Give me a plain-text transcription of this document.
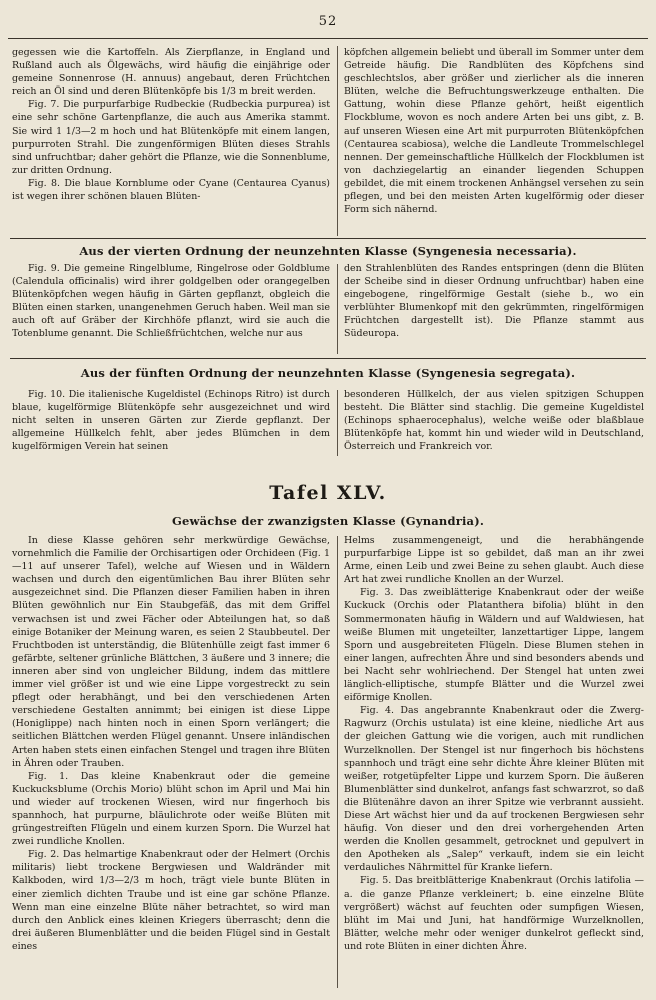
52

gegessen wie die Kartoffeln. Als Zierpflanze, in England und Rußland auch als Ölgewächs, wird häufig die einjährige oder gemeine Sonnenrose (H. annuus) angebaut, deren Früchtchen reich an Öl sind und deren Blütenköpfe bis 1/3 m breit werden.

Fig. 7. Die purpurfarbige Rudbeckie (Rudbeckia purpurea) ist eine sehr schöne Gartenpflanze, die auch aus Amerika stammt. Sie wird 1 1/3—2 m hoch und hat Blütenköpfe mit einem langen, purpurroten Strahl. Die zungenförmigen Blüten dieses Strahls sind unfruchtbar; daher gehört die Pflanze, wie die Sonnenblume, zur dritten Ordnung.

Fig. 8. Die blaue Kornblume oder Cyane (Centaurea Cyanus) ist wegen ihrer schönen blauen Blüten-

köpfchen allgemein beliebt und überall im Sommer unter dem Getreide häufig. Die Randblüten des Köpfchens sind geschlechtslos, aber größer und zierlicher als die inneren Blüten, welche die Befruchtungswerkzeuge enthalten. Die Gattung, wohin diese Pflanze gehört, heißt eigentlich Flockblume, wovon es noch andere Arten bei uns gibt, z. B. auf unseren Wiesen eine Art mit purpurroten Blütenköpfchen (Centaurea scabiosa), welche die Landleute Trommelschlegel nennen. Der gemeinschaftliche Hüllkelch der Flockblumen ist von dachziegelartig an einander liegenden Schuppen gebildet, die mit einem trockenen Anhängsel versehen zu sein pflegen, und bei den meisten Arten kugelförmig oder dieser Form sich nähernd.

Aus der vierten Ordnung der neunzehnten Klasse (Syngenesia necessaria).

Fig. 9. Die gemeine Ringelblume, Ringelrose oder Goldblume (Calendula officinalis) wird ihrer goldgelben oder orangegelben Blütenköpfchen wegen häufig in Gärten gepflanzt, obgleich die Blüten einen starken, unangenehmen Geruch haben. Weil man sie auch oft auf Gräber der Kirchhöfe pflanzt, wird sie auch die Totenblume genannt. Die Schließfrüchtchen, welche nur aus

den Strahlenblüten des Randes entspringen (denn die Blüten der Scheibe sind in dieser Ordnung unfruchtbar) haben eine eingebogene, ringelförmige Gestalt (siehe b., wo ein verblühter Blumenkopf mit den gekrümmten, ringelförmigen Früchtchen dargestellt ist). Die Pflanze stammt aus Südeuropa.

Aus der fünften Ordnung der neunzehnten Klasse (Syngenesia segregata).

Fig. 10. Die italienische Kugeldistel (Echinops Ritro) ist durch blaue, kugelförmige Blütenköpfe sehr ausgezeichnet und wird nicht selten in unseren Gärten zur Zierde gepflanzt. Der allgemeine Hüllkelch fehlt, aber jedes Blümchen in dem kugelförmigen Verein hat seinen

besonderen Hüllkelch, der aus vielen spitzigen Schuppen besteht. Die Blätter sind stachlig. Die gemeine Kugeldistel (Echinops sphaerocephalus), welche weiße oder blaßblaue Blütenköpfe hat, kommt hin und wieder wild in Deutschland, Österreich und Frankreich vor.

Tafel XLV.
Gewächse der zwanzigsten Klasse (Gynandria).

In diese Klasse gehören sehr merkwürdige Gewächse, vornehmlich die Familie der Orchisartigen oder Orchideen (Fig. 1—11 auf unserer Tafel), welche auf Wiesen und in Wäldern wachsen und durch den eigentümlichen Bau ihrer Blüten sehr ausgezeichnet sind. Die Pflanzen dieser Familien haben in ihren Blüten gewöhnlich nur Ein Staubgefäß, das mit dem Griffel verwachsen ist und zwei Fächer oder Abteilungen hat, so daß einige Botaniker der Meinung waren, es seien 2 Staubbeutel. Der Fruchtboden ist unterständig, die Blütenhülle zeigt fast immer 6 gefärbte, seltener grünliche Blättchen, 3 äußere und 3 innere; die inneren aber sind von ungleicher Bildung, indem das mittlere immer viel größer ist und wie eine Lippe vorgestreckt zu sein pflegt oder herabhängt, und bei den verschiedenen Arten verschiedene Gestalten annimmt; bei einigen ist diese Lippe (Honiglippe) nach hinten noch in einen Sporn verlängert; die seitlichen Blättchen werden Flügel genannt. Unsere inländischen Arten haben stets einen einfachen Stengel und tragen ihre Blüten in Ähren oder Trauben.

Fig. 1. Das kleine Knabenkraut oder die gemeine Kuckucksblume (Orchis Morio) blüht schon im April und Mai hin und wieder auf trockenen Wiesen, wird nur fingerhoch bis spannhoch, hat purpurne, bläulichrote oder weiße Blüten mit grüngestreiften Flügeln und einem kurzen Sporn. Die Wurzel hat zwei rundliche Knollen.

Fig. 2. Das helmartige Knabenkraut oder der Helmert (Orchis militaris) liebt trockene Bergwiesen und Waldränder mit Kalkboden, wird 1/3—2/3 m hoch, trägt viele bunte Blüten in einer ziemlich dichten Traube und ist eine gar schöne Pflanze. Wenn man eine einzelne Blüte näher betrachtet, so wird man durch den Anblick eines kleinen Kriegers überrascht; denn die drei äußeren Blumenblätter und die beiden Flügel sind in Gestalt eines

Helms zusammengeneigt, und die herabhängende purpurfarbige Lippe ist so gebildet, daß man an ihr zwei Arme, einen Leib und zwei Beine zu sehen glaubt. Auch diese Art hat zwei rundliche Knollen an der Wurzel.

Fig. 3. Das zweiblätterige Knabenkraut oder der weiße Kuckuck (Orchis oder Platanthera bifolia) blüht in den Sommermonaten häufig in Wäldern und auf Waldwiesen, hat weiße Blumen mit ungeteilter, lanzettartiger Lippe, langem Sporn und ausgebreiteten Flügeln. Diese Blumen stehen in einer langen, aufrechten Ähre und sind besonders abends und bei Nacht sehr wohlriechend. Der Stengel hat unten zwei länglich-elliptische, stumpfe Blätter und die Wurzel zwei eiförmige Knollen.

Fig. 4. Das angebrannte Knabenkraut oder die Zwerg-Ragwurz (Orchis ustulata) ist eine kleine, niedliche Art aus der gleichen Gattung wie die vorigen, auch mit rundlichen Wurzelknollen. Der Stengel ist nur fingerhoch bis höchstens spannhoch und trägt eine sehr dichte Ähre kleiner Blüten mit weißer, rotgetüpfelter Lippe und kurzem Sporn. Die äußeren Blumenblätter sind dunkelrot, anfangs fast schwarzrot, so daß die Blütenähre davon an ihrer Spitze wie verbrannt aussieht. Diese Art wächst hier und da auf trockenen Bergwiesen sehr häufig. Von dieser und den drei vorhergehenden Arten werden die Knollen gesammelt, getrocknet und gepulvert in den Apotheken als „Salep“ verkauft, indem sie ein leicht verdauliches Nährmittel für Kranke liefern.

Fig. 5. Das breitblätterige Knabenkraut (Orchis latifolia — a. die ganze Pflanze verkleinert; b. eine einzelne Blüte vergrößert) wächst auf feuchten oder sumpfigen Wiesen, blüht im Mai und Juni, hat handförmige Wurzelknollen, Blätter, welche mehr oder weniger dunkelrot gefleckt sind, und rote Blüten in einer dichten Ähre.
